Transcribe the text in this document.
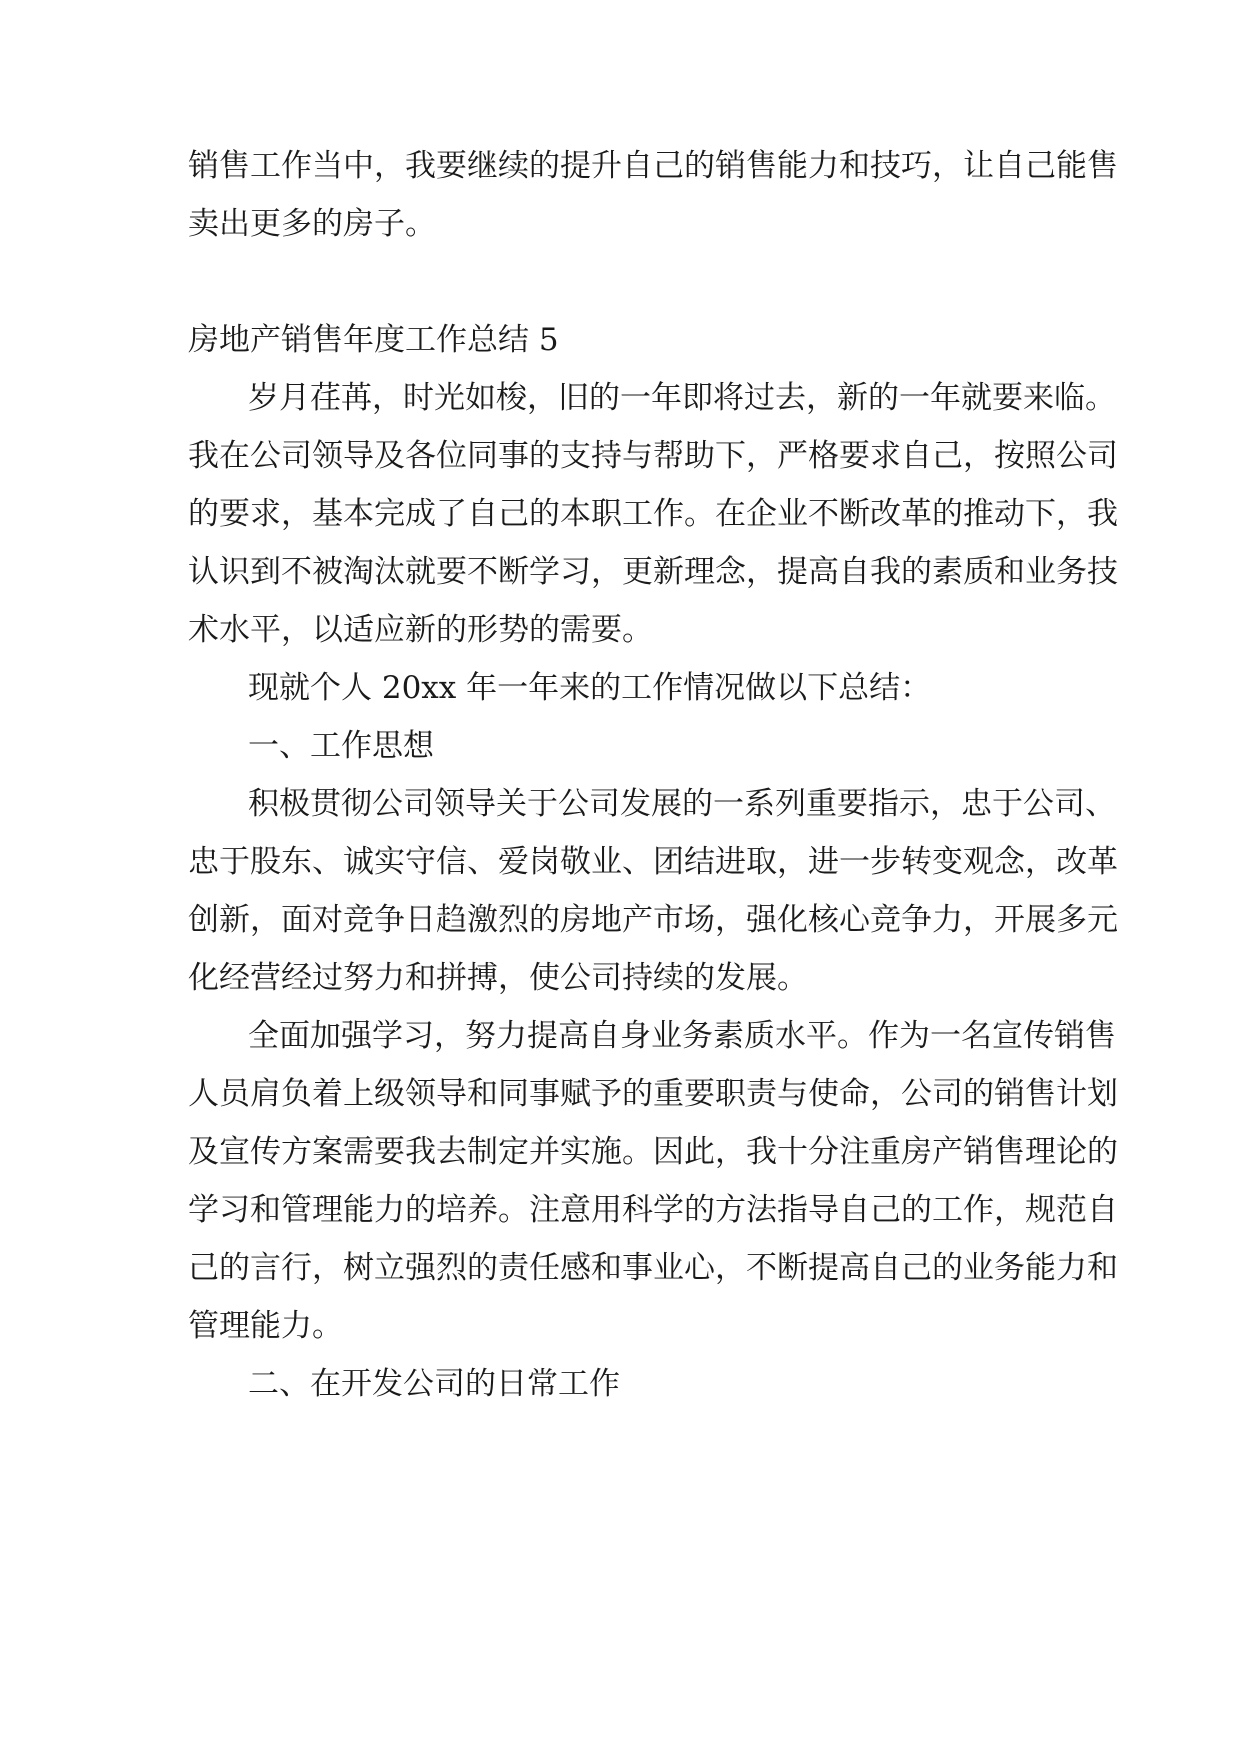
销售工作当中，我要继续的提升自己的销售能力和技巧，让自己能售

卖出更多的房子。

房地产销售年度工作总结 5

岁月荏苒，时光如梭，旧的一年即将过去，新的一年就要来临。

我在公司领导及各位同事的支持与帮助下，严格要求自己，按照公司

的要求，基本完成了自己的本职工作。在企业不断改革的推动下，我

认识到不被淘汰就要不断学习，更新理念，提高自我的素质和业务技

术水平，以适应新的形势的需要。

现就个人 20xx 年一年来的工作情况做以下总结：

一、工作思想

积极贯彻公司领导关于公司发展的一系列重要指示，忠于公司、

忠于股东、诚实守信、爱岗敬业、团结进取，进一步转变观念，改革

创新，面对竞争日趋激烈的房地产市场，强化核心竞争力，开展多元

化经营经过努力和拼搏，使公司持续的发展。

全面加强学习，努力提高自身业务素质水平。作为一名宣传销售

人员肩负着上级领导和同事赋予的重要职责与使命，公司的销售计划

及宣传方案需要我去制定并实施。因此，我十分注重房产销售理论的

学习和管理能力的培养。注意用科学的方法指导自己的工作，规范自

己的言行，树立强烈的责任感和事业心，不断提高自己的业务能力和

管理能力。

二、在开发公司的日常工作
